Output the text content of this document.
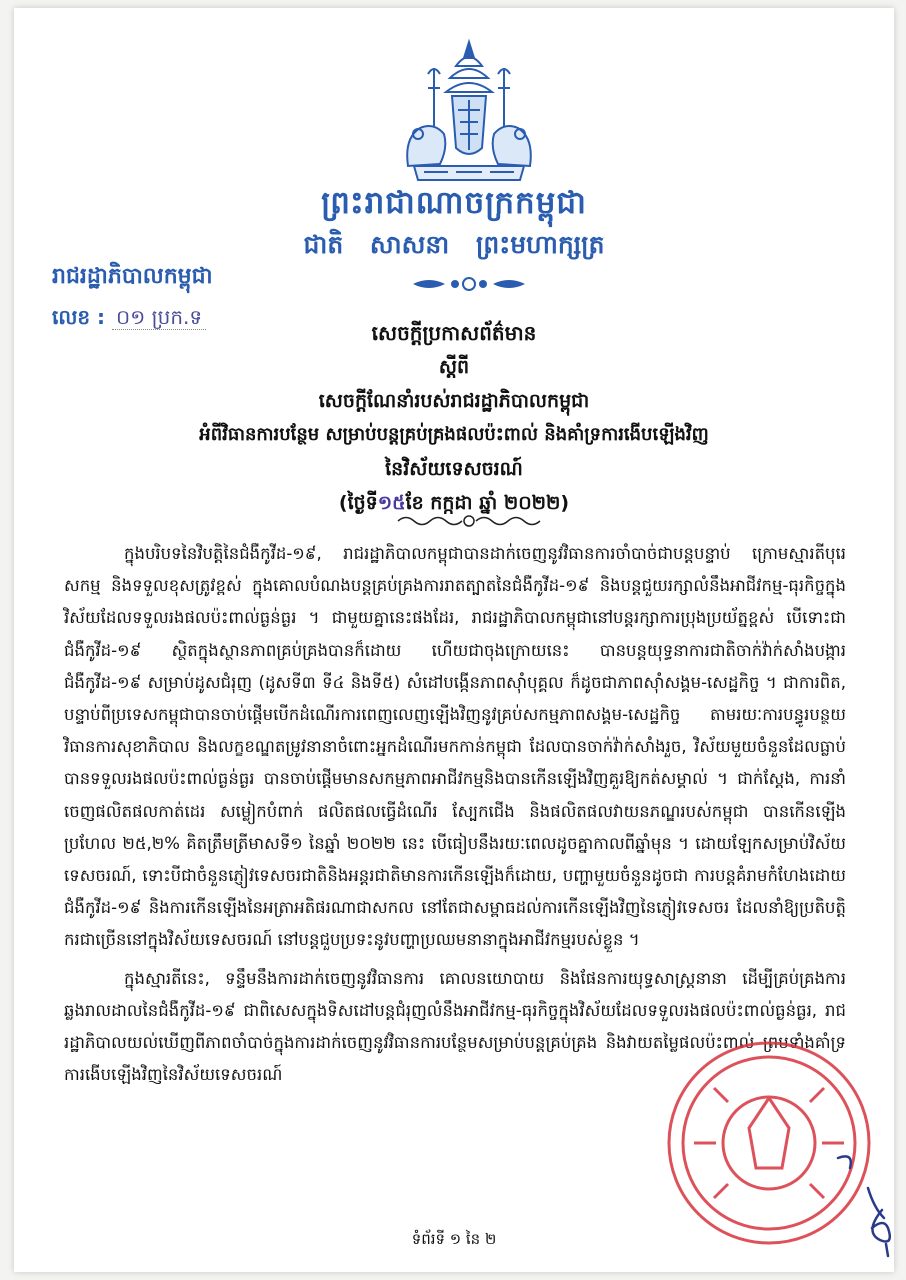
ព្រះរាជាណាចក្រកម្ពុជា
ជាតិ សាសនា ព្រះមហាក្សត្រ
រាជរដ្ឋាភិបាលកម្ពុជា
លេខ : ០១ ប្រក.ទ
សេចក្ដីប្រកាសព័ត៌មាន
ស្ដីពី
សេចក្ដីណែនាំរបស់រាជរដ្ឋាភិបាលកម្ពុជា
អំពីវិធានការបន្ថែម សម្រាប់បន្តគ្រប់គ្រងផលប៉ះពាល់ និងគាំទ្រការងើបឡើងវិញ
នៃវិស័យទេសចរណ៍
(ថ្ងៃទី១៥ខែ កក្កដា ឆ្នាំ ២០២២)

ក្នុងបរិបទនៃវិបត្តិនៃជំងឺកូវីដ-១៩, រាជរដ្ឋាភិបាលកម្ពុជាបានដាក់ចេញនូវវិធានការចាំបាច់ជាបន្តបន្ទាប់ ក្រោមស្មារតីបុរេសកម្ម និងទទួលខុសត្រូវខ្ពស់ ក្នុងគោលបំណងបន្តគ្រប់គ្រងការរាតត្បាតនៃជំងឺកូវីដ-១៩ និងបន្តជួយរក្សាលំនឹងអាជីវកម្ម-ធុរកិច្ចក្នុងវិស័យដែលទទួលរងផលប៉ះពាល់ធ្ងន់ធ្ងរ ។ ជាមួយគ្នានេះផងដែរ, រាជរដ្ឋាភិបាលកម្ពុជានៅបន្តរក្សាការប្រុងប្រយ័ត្នខ្ពស់ បើទោះជាជំងឺកូវីដ-១៩ ស្ថិតក្នុងស្ថានភាពគ្រប់គ្រងបានក៏ដោយ ហើយជាចុងក្រោយនេះ បានបន្តយុទ្ធនាការជាតិចាក់វ៉ាក់សាំងបង្ការជំងឺកូវីដ-១៩ សម្រាប់ដូសជំរុញ (ដូសទី៣ ទី៤ និងទី៥) សំដៅបង្កើនភាពស៊ាំបុគ្គល ក៏ដូចជាភាពស៊ាំសង្គម-សេដ្ឋកិច្ច ។ ជាការពិត, បន្ទាប់ពីប្រទេសកម្ពុជាបានចាប់ផ្ដើមបើកដំណើរការពេញលេញឡើងវិញនូវគ្រប់សកម្មភាពសង្គម-សេដ្ឋកិច្ច តាមរយៈការបន្ធូរបន្ថយវិធានការសុខាភិបាល និងលក្ខខណ្ឌតម្រូវនានាចំពោះអ្នកដំណើរមកកាន់កម្ពុជា ដែលបានចាក់វ៉ាក់សាំងរួច, វិស័យមួយចំនួនដែលធ្លាប់បានទទួលរងផលប៉ះពាល់ធ្ងន់ធ្ងរ បានចាប់ផ្ដើមមានសកម្មភាពអាជីវកម្មនិងបានកើនឡើងវិញគួរឱ្យកត់សម្គាល់ ។ ជាក់ស្ដែង, ការនាំចេញផលិតផលកាត់ដេរ សម្លៀកបំពាក់ ផលិតផលធ្វើដំណើរ ស្បែកជើង និងផលិតផលវាយនភណ្ឌរបស់កម្ពុជា បានកើនឡើងប្រហែល ២៥,២% គិតត្រឹមត្រីមាសទី១ នៃឆ្នាំ ២០២២ នេះ បើធៀបនឹងរយៈពេលដូចគ្នាកាលពីឆ្នាំមុន ។ ដោយឡែកសម្រាប់វិស័យទេសចរណ៍, ទោះបីជាចំនួនភ្ញៀវទេសចរជាតិនិងអន្តរជាតិមានការកើនឡើងក៏ដោយ, បញ្ហាមួយចំនួនដូចជា ការបន្តគំរាមកំហែងដោយជំងឺកូវីដ-១៩ និងការកើនឡើងនៃអត្រាអតិផរណាជាសកល នៅតែជាសម្ពាធដល់ការកើនឡើងវិញនៃភ្ញៀវទេសចរ ដែលនាំឱ្យប្រតិបត្តិករជាច្រើននៅក្នុងវិស័យទេសចរណ៍ នៅបន្តជួបប្រទះនូវបញ្ហាប្រឈមនានាក្នុងអាជីវកម្មរបស់ខ្លួន ។

ក្នុងស្មារតីនេះ, ទន្ទឹមនឹងការដាក់ចេញនូវវិធានការ គោលនយោបាយ និងផែនការយុទ្ធសាស្ត្រនានា ដើម្បីគ្រប់គ្រងការឆ្លងរាលដាលនៃជំងឺកូវីដ-១៩ ជាពិសេសក្នុងទិសដៅបន្តជំរុញលំនឹងអាជីវកម្ម-ធុរកិច្ចក្នុងវិស័យដែលទទួលរងផលប៉ះពាល់ធ្ងន់ធ្ងរ, រាជរដ្ឋាភិបាលយល់ឃើញពីភាពចាំបាច់ក្នុងការដាក់ចេញនូវវិធានការបន្ថែមសម្រាប់បន្តគ្រប់គ្រង និងវាយតម្លៃផលប៉ះពាល់ ព្រមទាំងគាំទ្រការងើបឡើងវិញនៃវិស័យទេសចរណ៍

ទំព័រទី ១ នៃ ២
